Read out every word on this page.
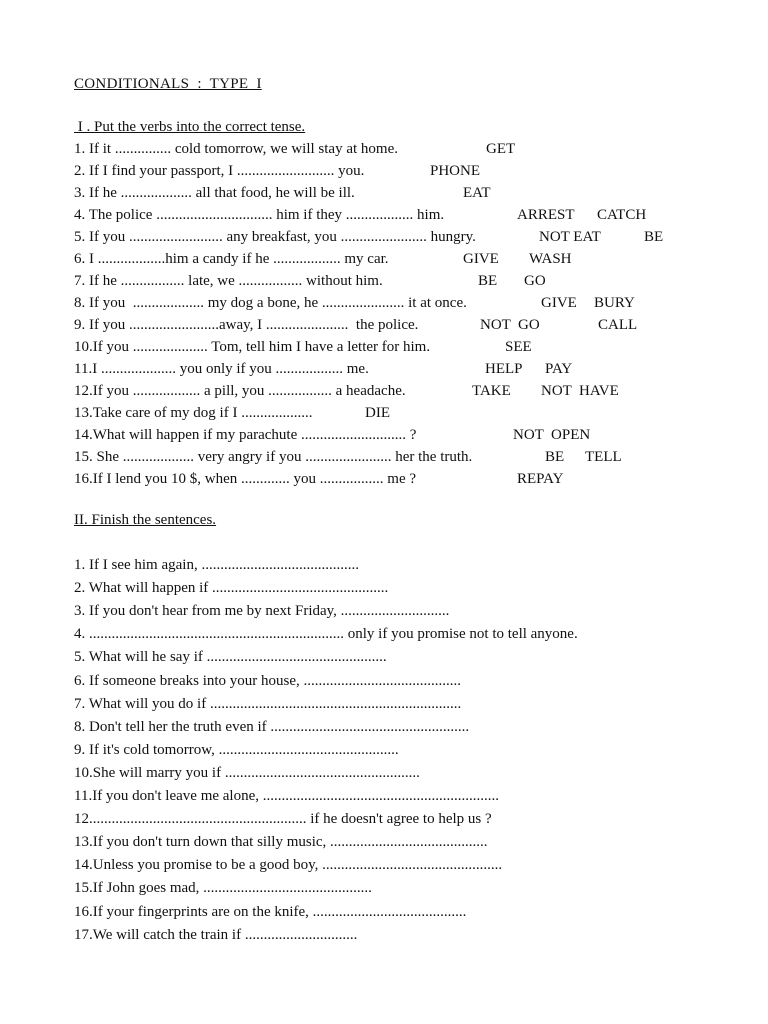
CONDITIONALS  :  TYPE  I
I . Put the verbs into the correct tense.
1. If it ............... cold tomorrow, we will stay at home.	GET
2. If I find your passport, I .......................... you.	PHONE
3. If he ................... all that food, he will be ill.	EAT
4. The police ............................... him if they .................. him.	ARREST CATCH
5. If you ......................... any breakfast, you ....................... hungry.	NOT EAT	BE
6. I ..................him a candy if he .................. my car.	GIVE WASH
7. If he ................. late, we ................. without him.	BE GO
8. If you  ................... my dog a bone, he ...................... it at once.	GIVE BURY
9. If you ........................away, I ......................  the police.	NOT  GO	CALL
10.If you .................... Tom, tell him I have a letter for him.	SEE
11.I .................... you only if you .................. me.	HELP PAY
12.If you .................. a pill, you ................. a headache.	TAKE NOT  HAVE
13.Take care of my dog if I ...................	DIE
14.What will happen if my parachute ............................ ?	NOT  OPEN
15. She ................... very angry if you ....................... her the truth.	BE TELL
16.If I lend you 10 $, when ............. you ................. me ?	REPAY
II. Finish the sentences.
1. If I see him again, ..........................................
2. What will happen if ...............................................
3. If you don't hear from me by next Friday, .............................
4. .................................................................... only if you promise not to tell anyone.
5. What will he say if ................................................
6. If someone breaks into your house, ..........................................
7. What will you do if ...................................................................
8. Don't tell her the truth even if .....................................................
9. If it's cold tomorrow, ................................................
10.She will marry you if ....................................................
11.If you don't leave me alone, ...............................................................
12.......................................................... if he doesn't agree to help us ?
13.If you don't turn down that silly music, ..........................................
14.Unless you promise to be a good boy, ................................................
15.If John goes mad, .............................................
16.If your fingerprints are on the knife, .........................................
17.We will catch the train if ..............................
